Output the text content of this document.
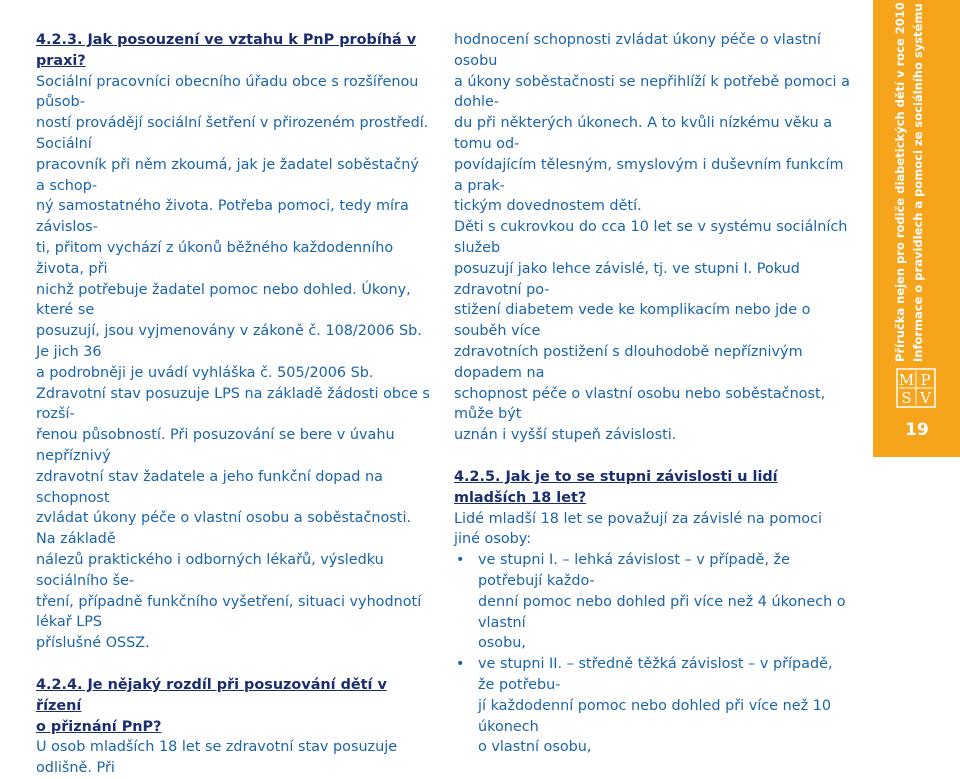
4.2.3. Jak posouzení ve vztahu k PnP probíhá v praxi?

Sociální pracovníci obecního úřadu obce s rozšířenou působ-
ností provádějí sociální šetření v přirozeném prostředí. Sociální
pracovník při něm zkoumá, jak je žadatel soběstačný a schop-
ný samostatného života. Potřeba pomoci, tedy míra závislos-
ti, přitom vychází z úkonů běžného každodenního života, při
nichž potřebuje žadatel pomoc nebo dohled. Úkony, které se
posuzují, jsou vyjmenovány v zákoně č. 108/2006 Sb. Je jich 36
a podrobněji je uvádí vyhláška č. 505/2006 Sb.
Zdravotní stav posuzuje LPS na základě žádosti obce s rozší-
řenou působností. Při posuzování se bere v úvahu nepříznivý
zdravotní stav žadatele a jeho funkční dopad na schopnost
zvládat úkony péče o vlastní osobu a soběstačnosti. Na základě
nálezů praktického i odborných lékařů, výsledku sociálního še-
tření, případně funkčního vyšetření, situaci vyhodnotí lékař LPS
příslušné OSSZ.
4.2.4. Je nějaký rozdíl při posuzování dětí v řízení
o přiznání PnP?
U osob mladších 18 let se zdravotní stav posuzuje odlišně. Při
hodnocení schopnosti zvládat úkony péče o vlastní osobu
a úkony soběstačnosti se nepřihlíží k potřebě pomoci a dohle-
du při některých úkonech. A to kvůli nízkému věku a tomu od-
povídajícím tělesným, smyslovým i duševním funkcím a prak-
tickým dovednostem dětí.
Děti s cukrovkou do cca 10 let se v systému sociálních služeb
posuzují jako lehce závislé, tj. ve stupni I. Pokud zdravotní po-
stižení diabetem vede ke komplikacím nebo jde o souběh více
zdravotních postižení s dlouhodobě nepříznivým dopadem na
schopnost péče o vlastní osobu nebo soběstačnost, může být
uznán i vyšší stupeň závislosti.

4.2.5. Jak je to se stupni závislosti u lidí mladších 18 let?

Lidé mladší 18 let se považují za závislé na pomoci jiné osoby:

• ve stupni I. – lehká závislost – v případě, že potřebují každo-
denní pomoc nebo dohled při více než 4 úkonech o vlastní
osobu,
• ve stupni II. – středně těžká závislost – v případě, že potřebu-
jí každodenní pomoc nebo dohled při více než 10 úkonech
o vlastní osobu,
Příručka nejen pro rodiče diabetických dětí v roce 2010 Informace o pravidlech a pomoci ze sociálního systému
M P
S V
19
